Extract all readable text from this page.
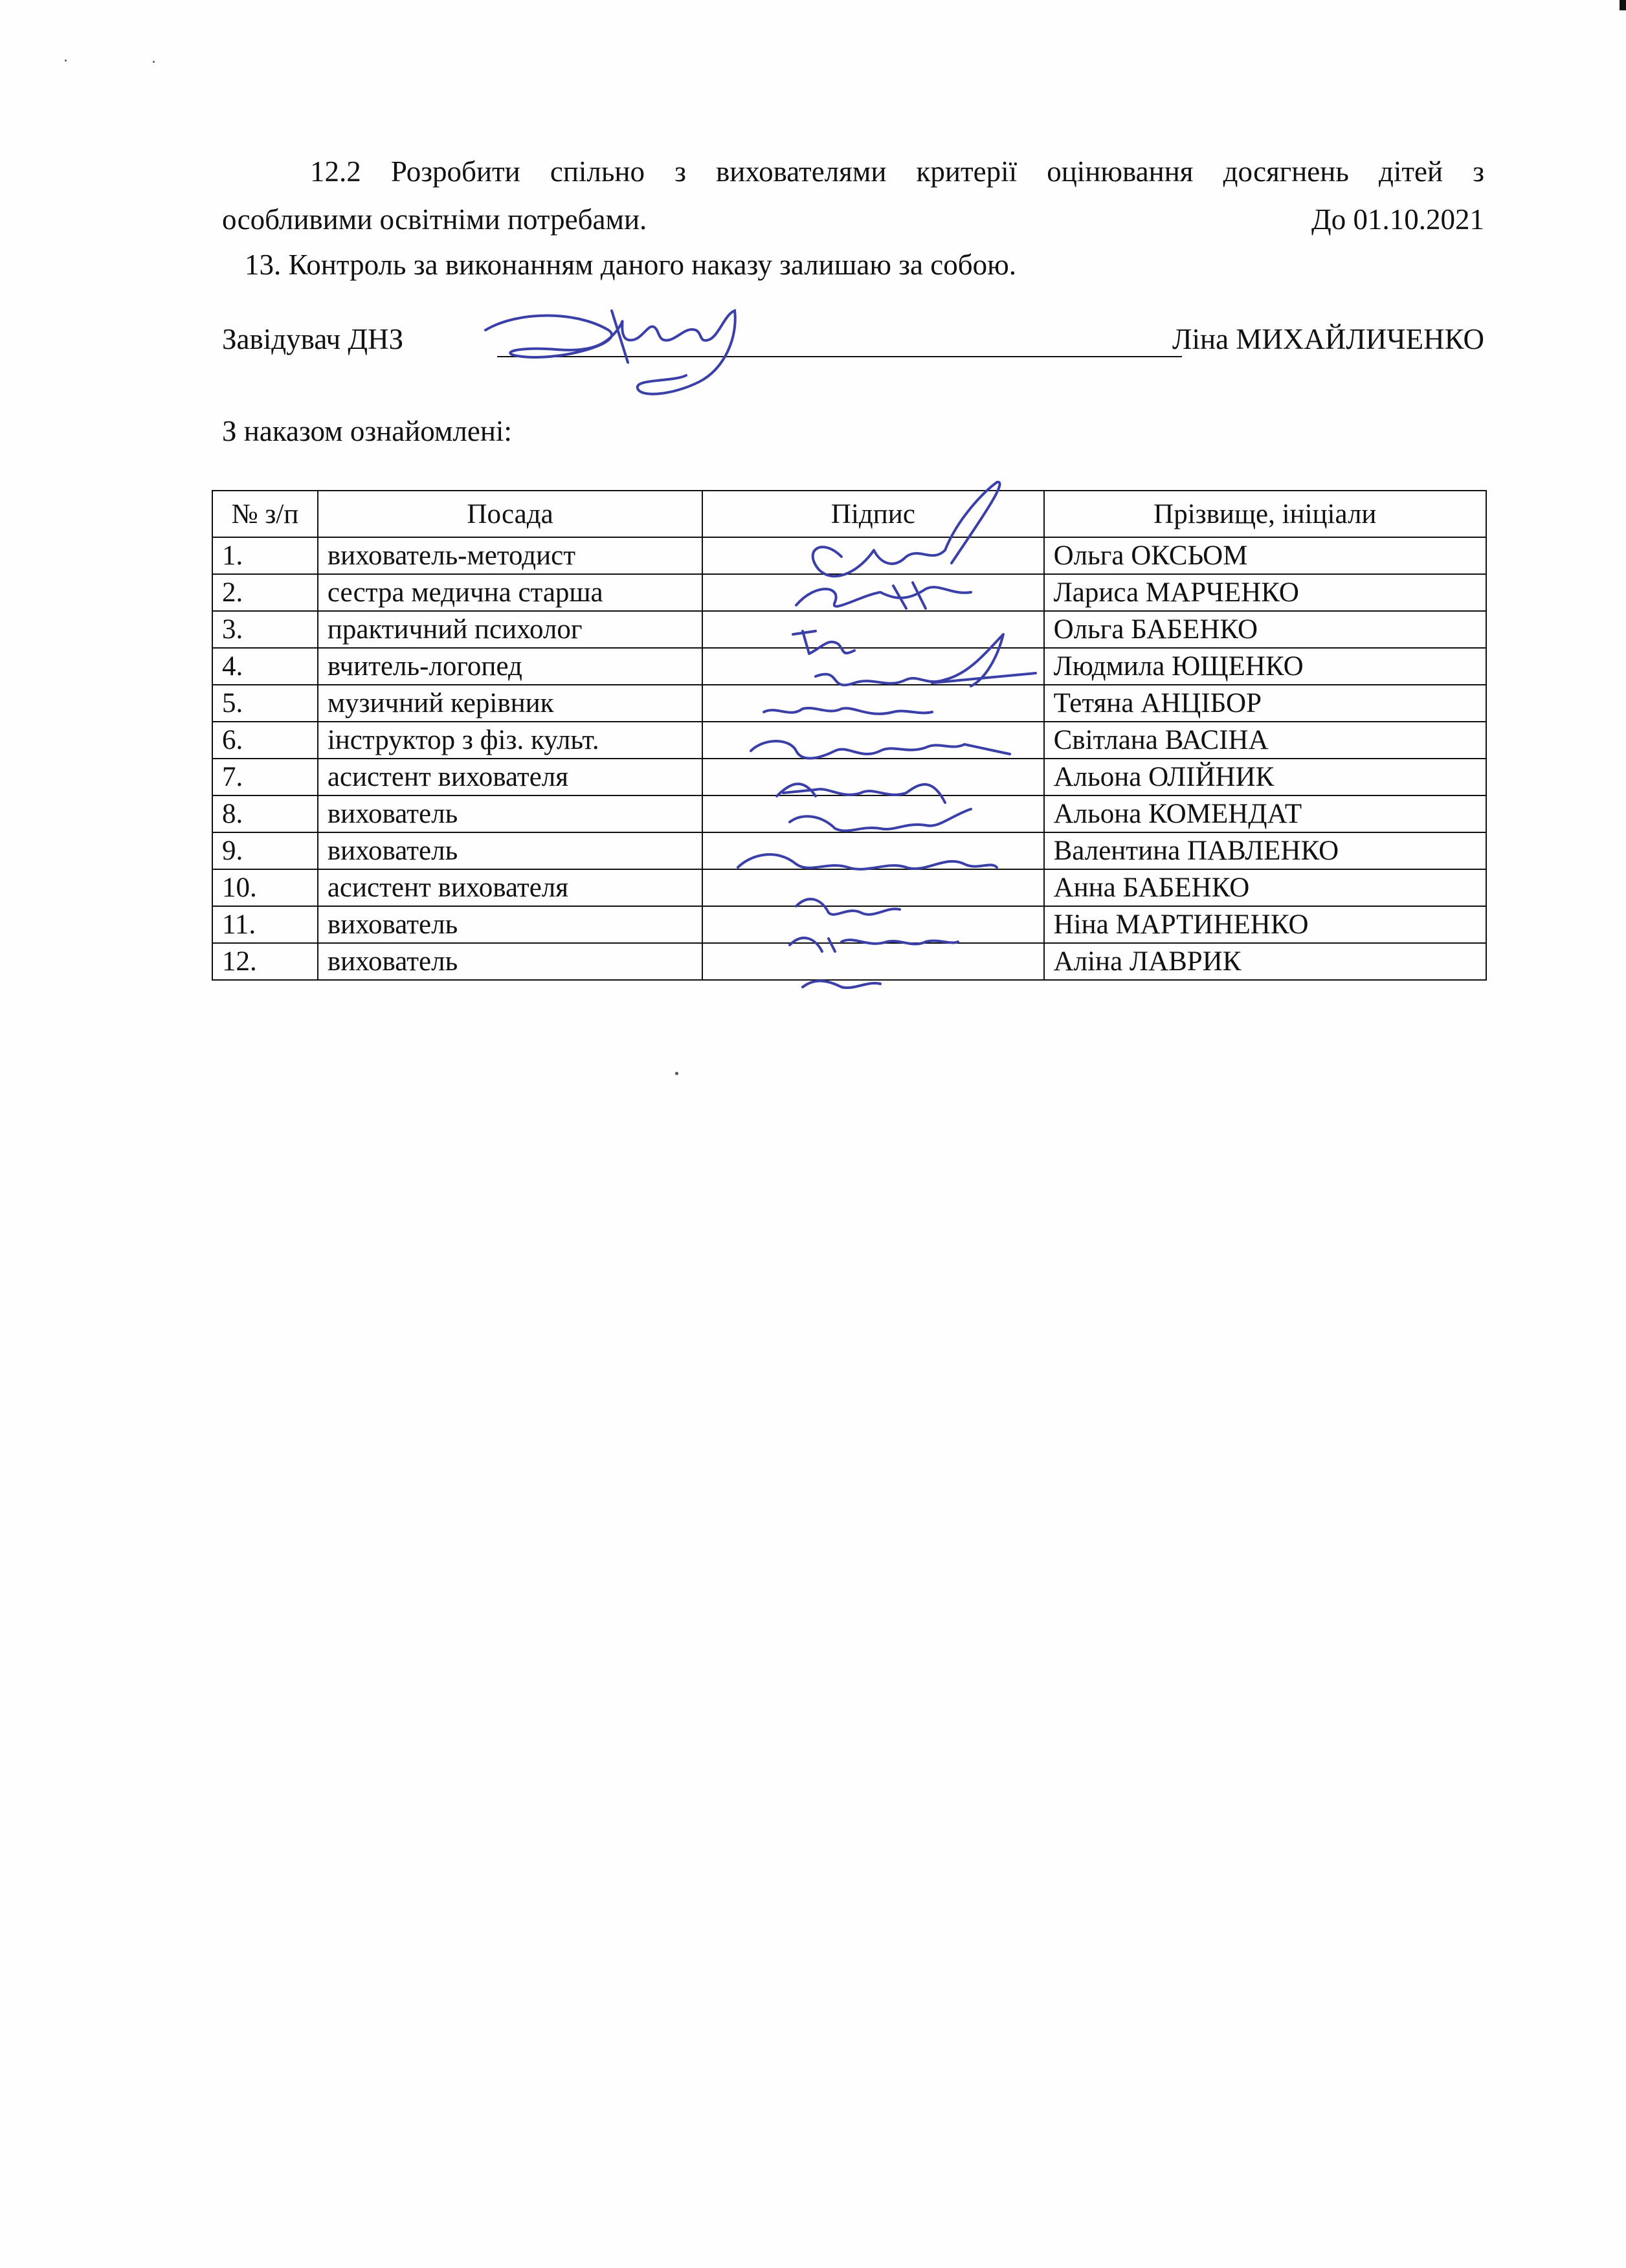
12.2 Розробити спільно з вихователями критерії оцінювання досягнень дітей з
особливими освітніми потребами.	До 01.10.2021
13. Контроль за виконанням даного наказу залишаю за собою.
Завідувач ДНЗ	Ліна МИХАЙЛИЧЕНКО
З наказом ознайомлені:
№ з/п	Посада	Підпис	Прізвище, ініціали
1.	вихователь-методист		Ольга ОКСЬОМ
2.	сестра медична старша		Лариса МАРЧЕНКО
3.	практичний психолог		Ольга БАБЕНКО
4.	вчитель-логопед		Людмила ЮЩЕНКО
5.	музичний керівник		Тетяна АНЦІБОР
6.	інструктор з фіз. культ.		Світлана ВАСІНА
7.	асистент вихователя		Альона ОЛІЙНИК
8.	вихователь		Альона КОМЕНДАТ
9.	вихователь		Валентина ПАВЛЕНКО
10.	асистент вихователя		Анна БАБЕНКО
11.	вихователь		Ніна МАРТИНЕНКО
12.	вихователь		Аліна ЛАВРИК
